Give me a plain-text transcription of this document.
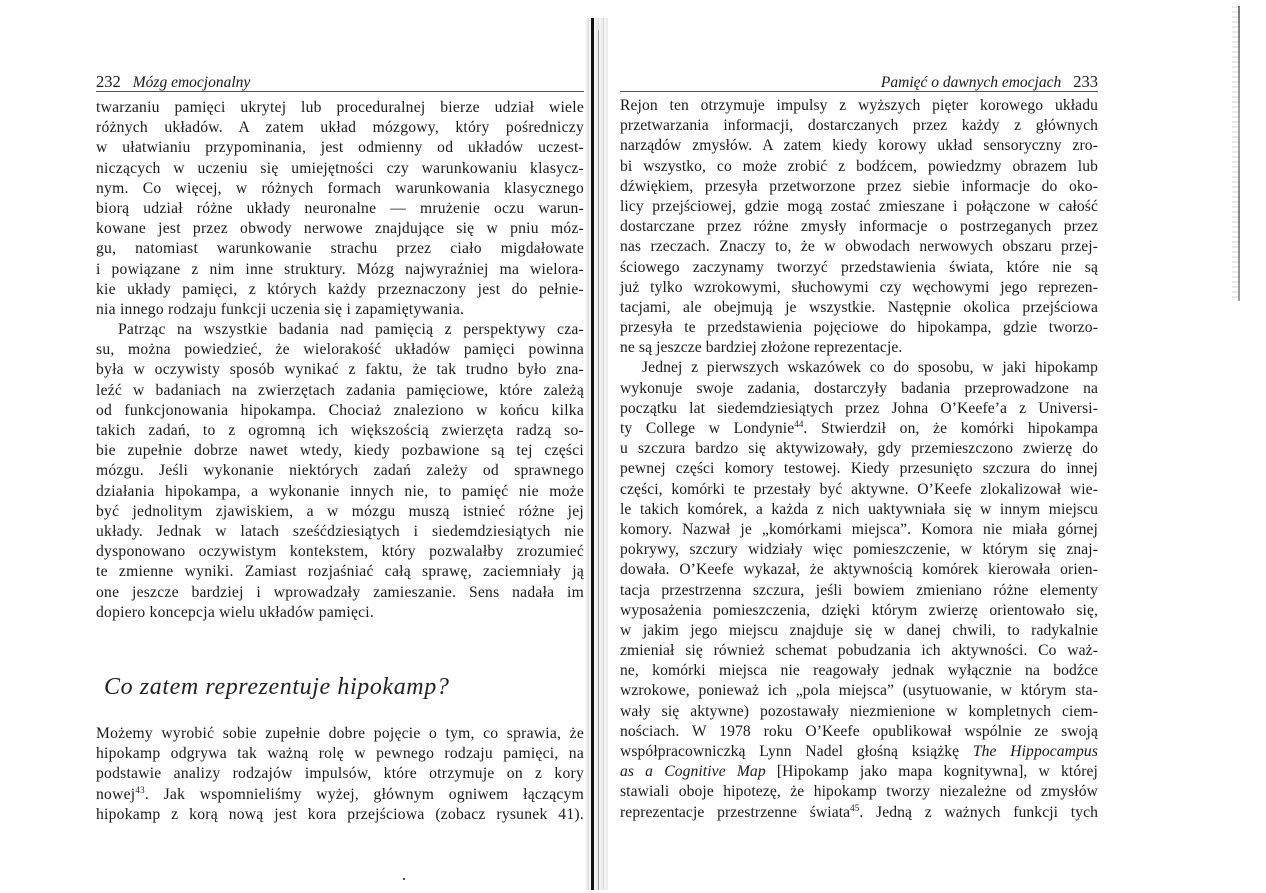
232 Mózg emocjonalny
twarzaniu pamięci ukrytej lub proceduralnej bierze udział wiele
różnych układów. A zatem układ mózgowy, który pośredniczy
w ułatwianiu przypominania, jest odmienny od układów uczest-
niczących w uczeniu się umiejętności czy warunkowaniu klasycz-
nym. Co więcej, w różnych formach warunkowania klasycznego
biorą udział różne układy neuronalne — mrużenie oczu warun-
kowane jest przez obwody nerwowe znajdujące się w pniu móz-
gu, natomiast warunkowanie strachu przez ciało migdałowate
i powiązane z nim inne struktury. Mózg najwyraźniej ma wielora-
kie układy pamięci, z których każdy przeznaczony jest do pełnie-
nia innego rodzaju funkcji uczenia się i zapamiętywania.
Patrząc na wszystkie badania nad pamięcią z perspektywy cza-
su, można powiedzieć, że wielorakość układów pamięci powinna
była w oczywisty sposób wynikać z faktu, że tak trudno było zna-
leźć w badaniach na zwierzętach zadania pamięciowe, które zależą
od funkcjonowania hipokampa. Chociaż znaleziono w końcu kilka
takich zadań, to z ogromną ich większością zwierzęta radzą so-
bie zupełnie dobrze nawet wtedy, kiedy pozbawione są tej części
mózgu. Jeśli wykonanie niektórych zadań zależy od sprawnego
działania hipokampa, a wykonanie innych nie, to pamięć nie może
być jednolitym zjawiskiem, a w mózgu muszą istnieć różne jej
układy. Jednak w latach sześćdziesiątych i siedemdziesiątych nie
dysponowano oczywistym kontekstem, który pozwalałby zrozumieć
te zmienne wyniki. Zamiast rozjaśniać całą sprawę, zaciemniały ją
one jeszcze bardziej i wprowadzały zamieszanie. Sens nadała im
dopiero koncepcja wielu układów pamięci.
Co zatem reprezentuje hipokamp?
Możemy wyrobić sobie zupełnie dobre pojęcie o tym, co sprawia, że
hipokamp odgrywa tak ważną rolę w pewnego rodzaju pamięci, na
podstawie analizy rodzajów impulsów, które otrzymuje on z kory
nowej$^{43}$. Jak wspomnieliśmy wyżej, głównym ogniwem łączącym
hipokamp z korą nową jest kora przejściowa (zobacz rysunek 41).
Pamięć o dawnych emocjach 233
Rejon ten otrzymuje impulsy z wyższych pięter korowego układu
przetwarzania informacji, dostarczanych przez każdy z głównych
narządów zmysłów. A zatem kiedy korowy układ sensoryczny zro-
bi wszystko, co może zrobić z bodźcem, powiedzmy obrazem lub
dźwiękiem, przesyła przetworzone przez siebie informacje do oko-
licy przejściowej, gdzie mogą zostać zmieszane i połączone w całość
dostarczane przez różne zmysły informacje o postrzeganych przez
nas rzeczach. Znaczy to, że w obwodach nerwowych obszaru przej-
ściowego zaczynamy tworzyć przedstawienia świata, które nie są
już tylko wzrokowymi, słuchowymi czy węchowymi jego reprezen-
tacjami, ale obejmują je wszystkie. Następnie okolica przejściowa
przesyła te przedstawienia pojęciowe do hipokampa, gdzie tworzo-
ne są jeszcze bardziej złożone reprezentacje.
Jednej z pierwszych wskazówek co do sposobu, w jaki hipokamp
wykonuje swoje zadania, dostarczyły badania przeprowadzone na
początku lat siedemdziesiątych przez Johna O’Keefe’a z Universi-
ty College w Londynie$^{44}$. Stwierdził on, że komórki hipokampa
u szczura bardzo się aktywizowały, gdy przemieszczono zwierzę do
pewnej części komory testowej. Kiedy przesunięto szczura do innej
części, komórki te przestały być aktywne. O’Keefe zlokalizował wie-
le takich komórek, a każda z nich uaktywniała się w innym miejscu
komory. Nazwał je „komórkami miejsca”. Komora nie miała górnej
pokrywy, szczury widziały więc pomieszczenie, w którym się znaj-
dowała. O’Keefe wykazał, że aktywnością komórek kierowała orien-
tacja przestrzenna szczura, jeśli bowiem zmieniano różne elementy
wyposażenia pomieszczenia, dzięki którym zwierzę orientowało się,
w jakim jego miejscu znajduje się w danej chwili, to radykalnie
zmieniał się również schemat pobudzania ich aktywności. Co waż-
ne, komórki miejsca nie reagowały jednak wyłącznie na bodźce
wzrokowe, ponieważ ich „pola miejsca” (usytuowanie, w którym sta-
wały się aktywne) pozostawały niezmienione w kompletnych ciem-
nościach. W 1978 roku O’Keefe opublikował wspólnie ze swoją
współpracowniczką Lynn Nadel głośną książkę The Hippocampus
as a Cognitive Map [Hipokamp jako mapa kognitywna], w której
stawiali oboje hipotezę, że hipokamp tworzy niezależne od zmysłów
reprezentacje przestrzenne świata$^{45}$. Jedną z ważnych funkcji tych
